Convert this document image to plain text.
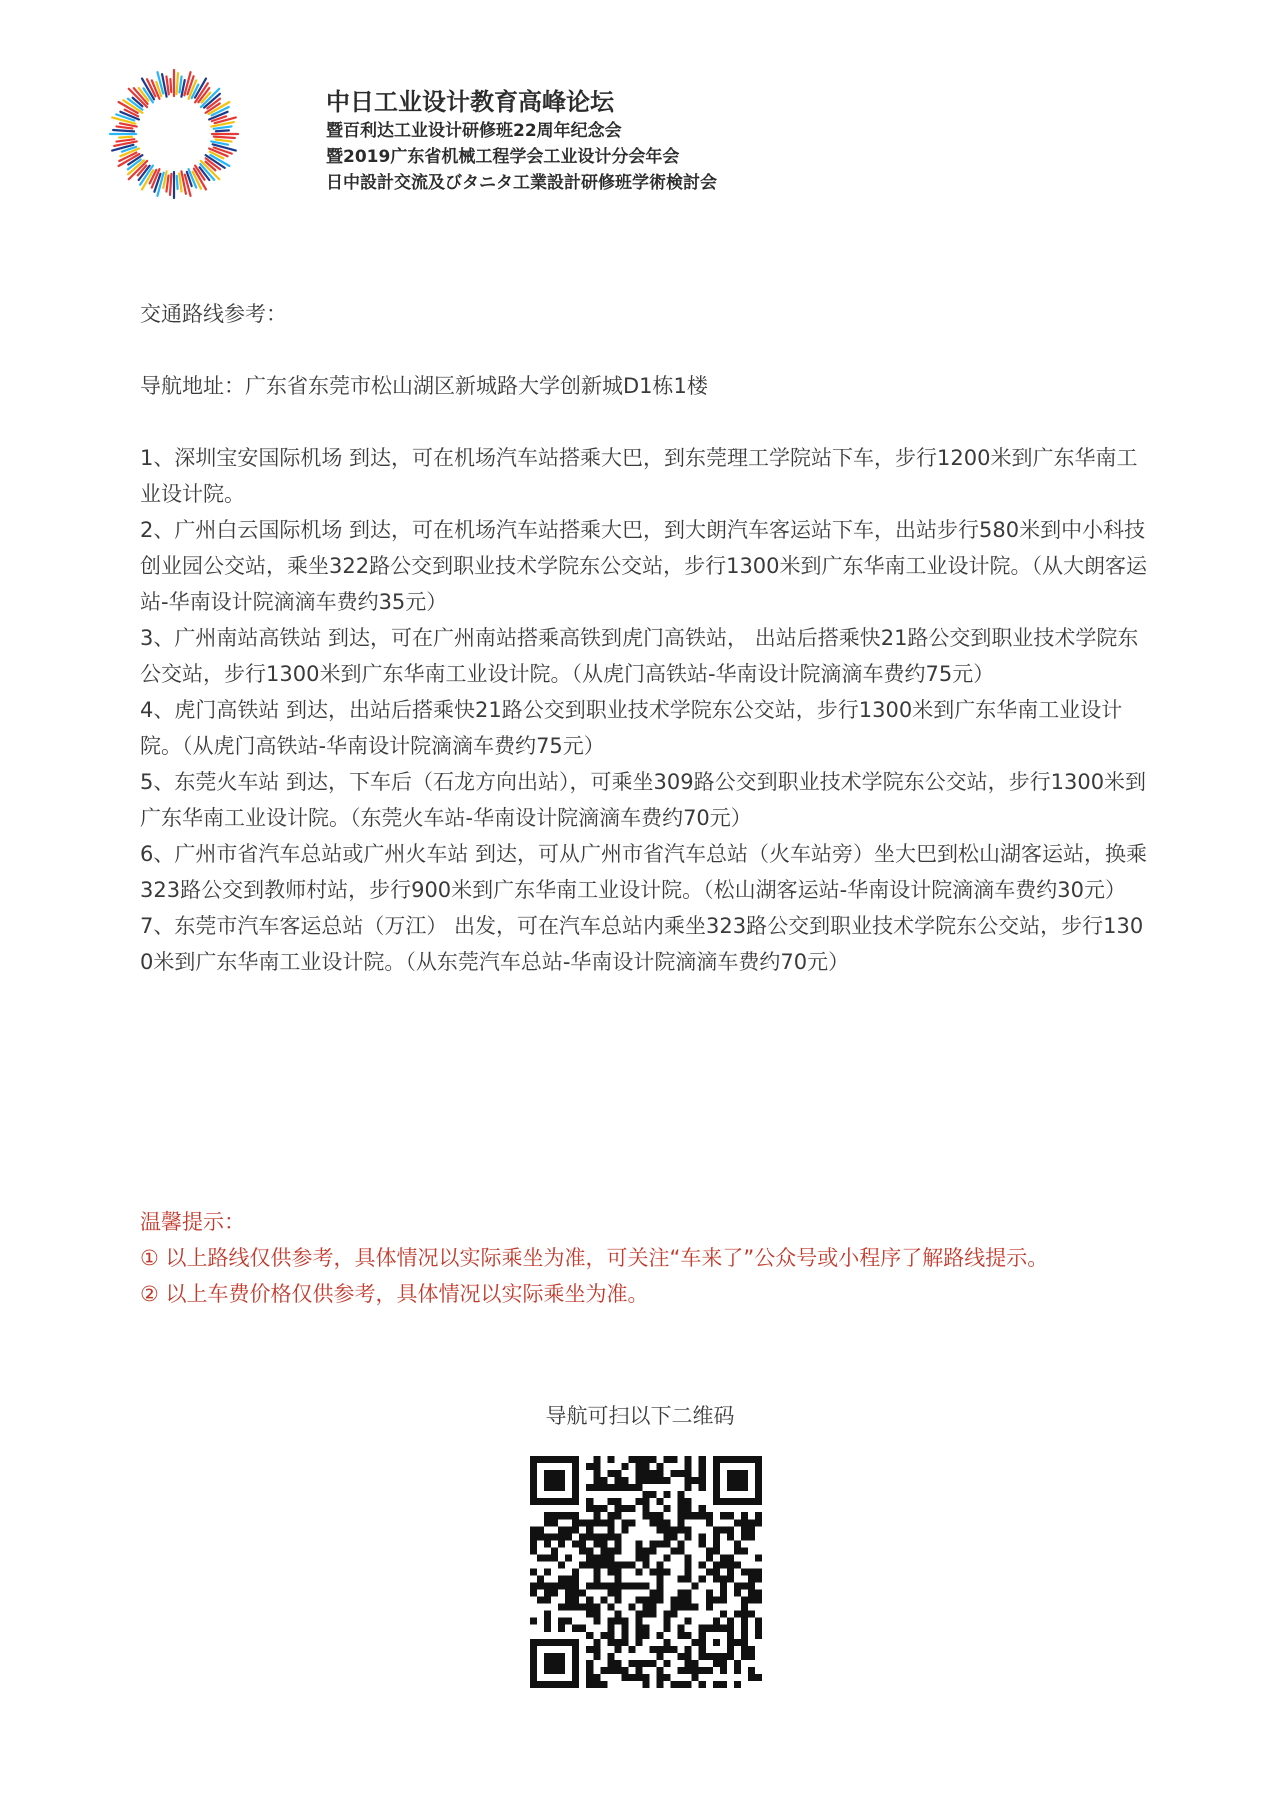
中日工业设计教育高峰论坛
暨百利达工业设计研修班22周年纪念会
暨2019广东省机械工程学会工业设计分会年会
日中設計交流及びタニタ工業設計研修班学術検討会

交通路线参考：

导航地址：广东省东莞市松山湖区新城路大学创新城D1栋1楼

1、深圳宝安国际机场 到达，可在机场汽车站搭乘大巴，到东莞理工学院站下车，步行1200米到广东华南工业设计院。

2、广州白云国际机场 到达，可在机场汽车站搭乘大巴，到大朗汽车客运站下车，出站步行580米到中小科技创业园公交站，乘坐322路公交到职业技术学院东公交站，步行1300米到广东华南工业设计院。（从大朗客运站-华南设计院滴滴车费约35元）

3、广州南站高铁站 到达，可在广州南站搭乘高铁到虎门高铁站， 出站后搭乘快21路公交到职业技术学院东公交站，步行1300米到广东华南工业设计院。（从虎门高铁站-华南设计院滴滴车费约75元）

4、虎门高铁站 到达，出站后搭乘快21路公交到职业技术学院东公交站，步行1300米到广东华南工业设计院。（从虎门高铁站-华南设计院滴滴车费约75元）

5、东莞火车站 到达，下车后（石龙方向出站），可乘坐309路公交到职业技术学院东公交站，步行1300米到广东华南工业设计院。（东莞火车站-华南设计院滴滴车费约70元）

6、广州市省汽车总站或广州火车站 到达，可从广州市省汽车总站（火车站旁）坐大巴到松山湖客运站，换乘323路公交到教师村站，步行900米到广东华南工业设计院。（松山湖客运站-华南设计院滴滴车费约30元）

7、东莞市汽车客运总站（万江） 出发，可在汽车总站内乘坐323路公交到职业技术学院东公交站，步行1300米到广东华南工业设计院。（从东莞汽车总站-华南设计院滴滴车费约70元）

温馨提示：

① 以上路线仅供参考，具体情况以实际乘坐为准，可关注“车来了”公众号或小程序了解路线提示。

② 以上车费价格仅供参考，具体情况以实际乘坐为准。

导航可扫以下二维码
